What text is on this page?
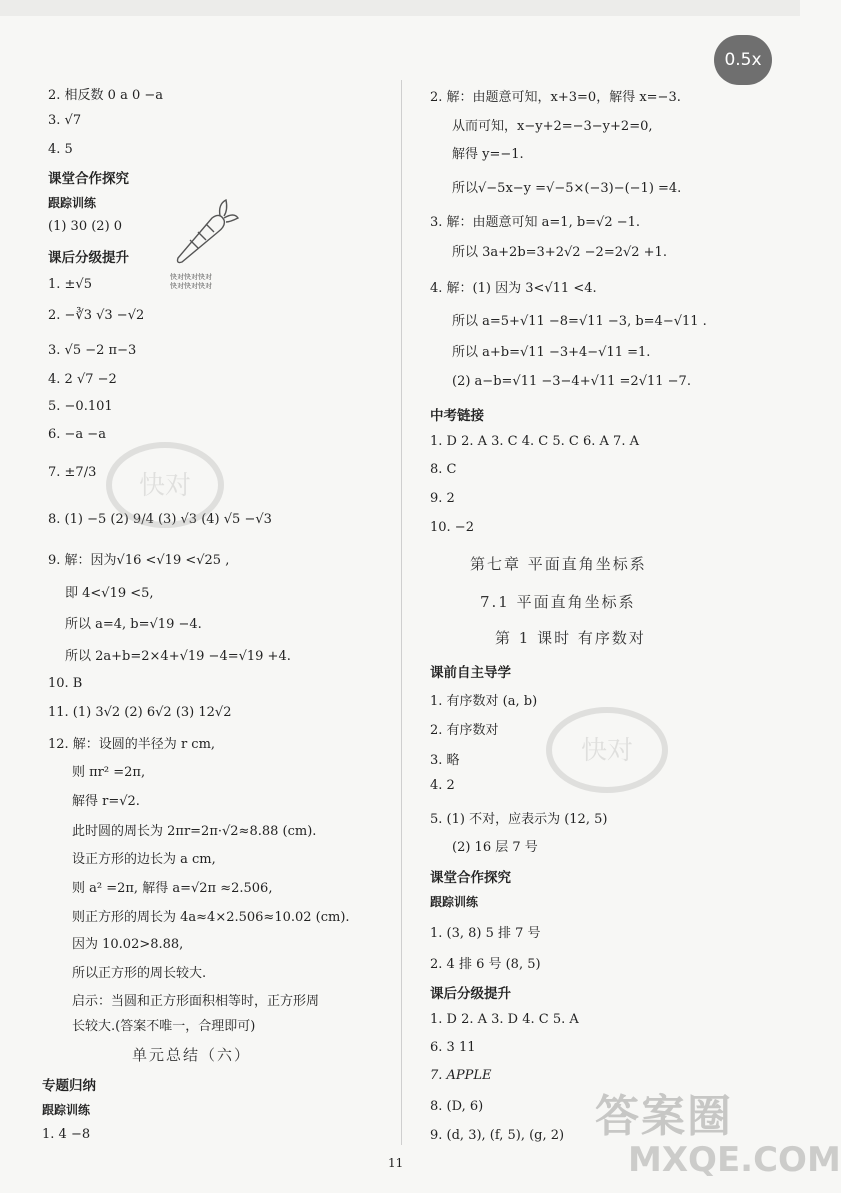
2. 相反数 0 a 0 −a
3. √7
4. 5
课堂合作探究
跟踪训练
(1) 30 (2) 0
课后分级提升
1. ±√5
2. −∛3 √3 −√2
3. √5 −2 π−3
4. 2 √7 −2
5. −0.101
6. −a −a
7. ±7/3
8. (1) −5 (2) 9/4 (3) √3 (4) √5 −√3
9. 解：因为√16 <√19 <√25 ,
即 4<√19 <5,
所以 a=4, b=√19 −4.
所以 2a+b=2×4+√19 −4=√19 +4.
10. B
11. (1) 3√2 (2) 6√2 (3) 12√2
12. 解：设圆的半径为 r cm,
则 πr² =2π,
解得 r=√2.
此时圆的周长为 2πr=2π·√2≈8.88 (cm).
设正方形的边长为 a cm,
则 a² =2π, 解得 a=√2π ≈2.506,
则正方形的周长为 4a≈4×2.506≈10.02 (cm).
因为 10.02>8.88,
所以正方形的周长较大.
启示：当圆和正方形面积相等时，正方形周
长较大.(答案不唯一，合理即可)
单元总结（六）
专题归纳
跟踪训练
1. 4 −8
快对快对快对
快对快对快对
快对
快对
2. 解：由题意可知，x+3=0，解得 x=−3.
从而可知，x−y+2=−3−y+2=0,
解得 y=−1.
所以√−5x−y =√−5×(−3)−(−1) =4.
3. 解：由题意可知 a=1, b=√2 −1.
所以 3a+2b=3+2√2 −2=2√2 +1.
4. 解：(1) 因为 3<√11 <4.
所以 a=5+√11 −8=√11 −3, b=4−√11 .
所以 a+b=√11 −3+4−√11 =1.
(2) a−b=√11 −3−4+√11 =2√11 −7.
中考链接
1. D 2. A 3. C 4. C 5. C 6. A 7. A
8. C
9. 2
10. −2
第七章 平面直角坐标系
7.1 平面直角坐标系
第 1 课时 有序数对
课前自主导学
1. 有序数对 (a, b)
2. 有序数对
3. 略
4. 2
5. (1) 不对，应表示为 (12, 5)
(2) 16 层 7 号
课堂合作探究
跟踪训练
1. (3, 8) 5 排 7 号
2. 4 排 6 号 (8, 5)
课后分级提升
1. D 2. A 3. D 4. C 5. A
6. 3 11
7. APPLE
8. (D, 6)
9. (d, 3), (f, 5), (g, 2)
0.5x
答案圈
MXQE.COM
11
